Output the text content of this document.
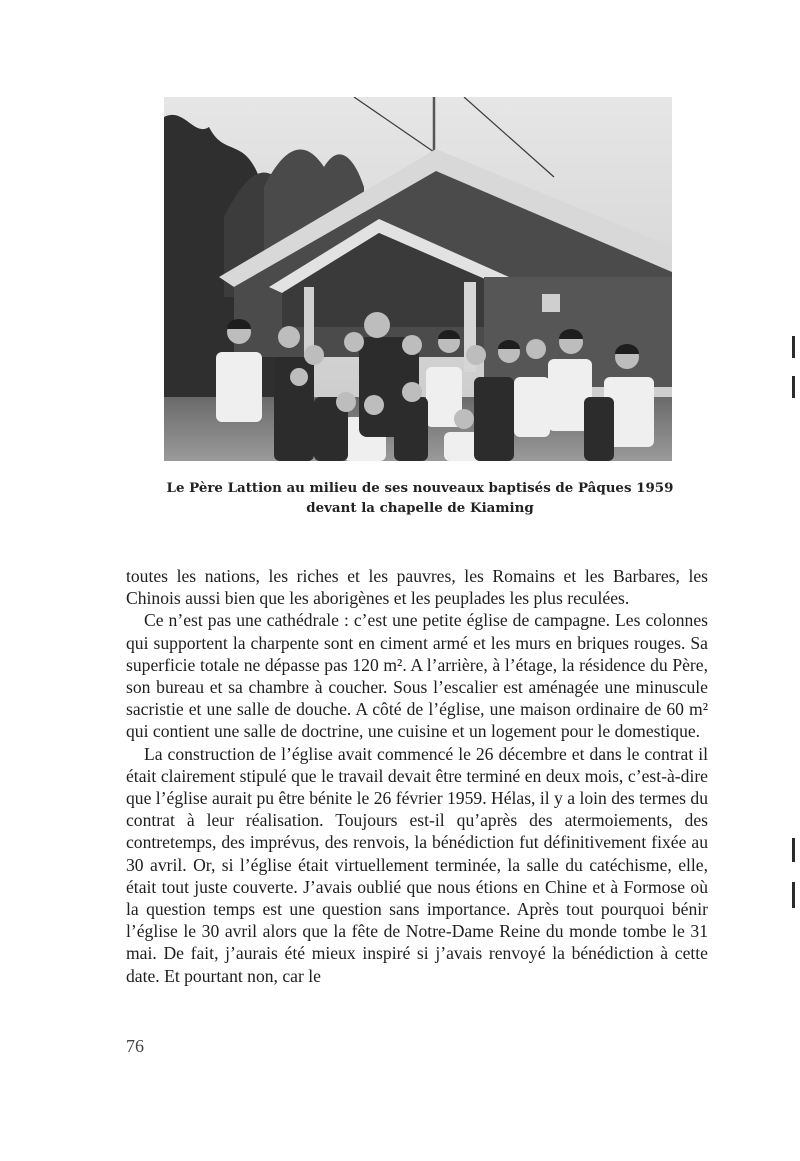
Le Père Lattion au milieu de ses nouveaux baptisés de Pâques 1959
devant la chapelle de Kiaming

toutes les nations, les riches et les pauvres, les Romains et les Barbares, les Chinois aussi bien que les aborigènes et les peuplades les plus reculées.

Ce n’est pas une cathédrale : c’est une petite église de campagne. Les colonnes qui supportent la charpente sont en ciment armé et les murs en briques rouges. Sa superficie totale ne dépasse pas 120 m². A l’arrière, à l’étage, la résidence du Père, son bureau et sa chambre à coucher. Sous l’escalier est aménagée une minuscule sacristie et une salle de douche. A côté de l’église, une maison ordinaire de 60 m² qui contient une salle de doctrine, une cuisine et un logement pour le domestique.

La construction de l’église avait commencé le 26 décembre et dans le contrat il était clairement stipulé que le travail devait être terminé en deux mois, c’est-à-dire que l’église aurait pu être bénite le 26 février 1959. Hélas, il y a loin des termes du contrat à leur réalisation. Toujours est-il qu’après des atermoiements, des contretemps, des imprévus, des renvois, la bénédiction fut définitivement fixée au 30 avril. Or, si l’église était virtuellement terminée, la salle du catéchisme, elle, était tout juste couverte. J’avais oublié que nous étions en Chine et à Formose où la question temps est une question sans importance. Après tout pourquoi bénir l’église le 30 avril alors que la fête de Notre-Dame Reine du monde tombe le 31 mai. De fait, j’aurais été mieux inspiré si j’avais renvoyé la bénédiction à cette date. Et pourtant non, car le

76
